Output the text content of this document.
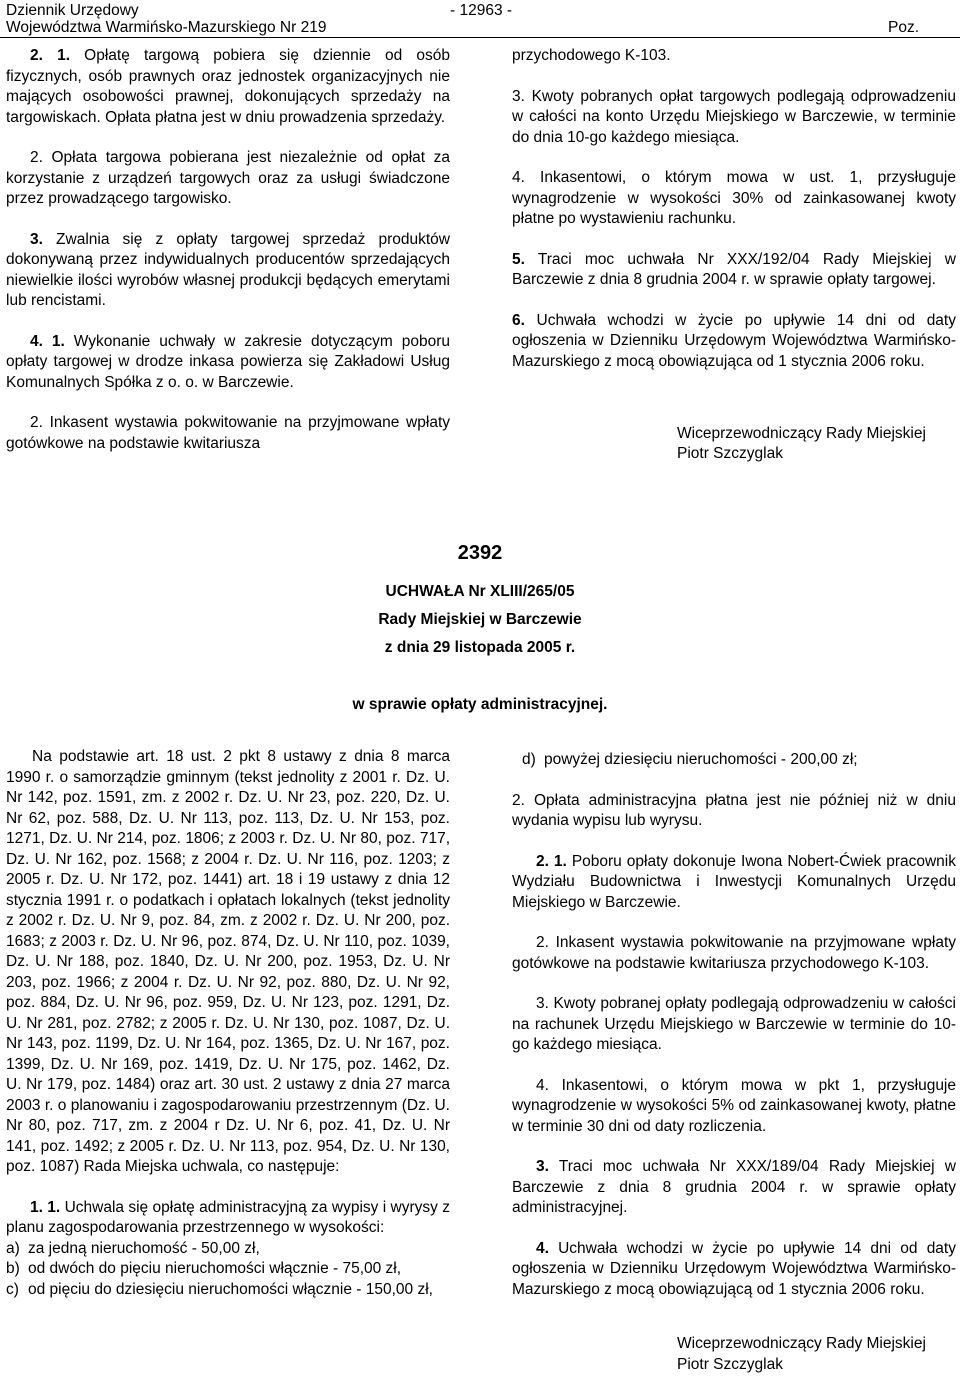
Dziennik Urzędowy
Województwa Warmińsko-Mazurskiego Nr 219
- 12963 -
Poz.

2. 1. Opłatę targową pobiera się dziennie od osób fizycznych, osób prawnych oraz jednostek organizacyjnych nie mających osobowości prawnej, dokonujących sprzedaży na targowiskach. Opłata płatna jest w dniu prowadzenia sprzedaży.

2. Opłata targowa pobierana jest niezależnie od opłat za korzystanie z urządzeń targowych oraz za usługi świadczone przez prowadzącego targowisko.

3. Zwalnia się z opłaty targowej sprzedaż produktów dokonywaną przez indywidualnych producentów sprzedających niewielkie ilości wyrobów własnej produkcji będących emerytami lub rencistami.

4. 1. Wykonanie uchwały w zakresie dotyczącym poboru opłaty targowej w drodze inkasa powierza się Zakładowi Usług Komunalnych Spółka z o. o. w Barczewie.

2. Inkasent wystawia pokwitowanie na przyjmowane wpłaty gotówkowe na podstawie kwitariusza

przychodowego K-103.

3. Kwoty pobranych opłat targowych podlegają odprowadzeniu w całości na konto Urzędu Miejskiego w Barczewie, w terminie do dnia 10-go każdego miesiąca.

4. Inkasentowi, o którym mowa w ust. 1, przysługuje wynagrodzenie w wysokości 30% od zainkasowanej kwoty płatne po wystawieniu rachunku.

5. Traci moc uchwała Nr XXX/192/04 Rady Miejskiej w Barczewie z dnia 8 grudnia 2004 r. w sprawie opłaty targowej.

6. Uchwała wchodzi w życie po upływie 14 dni od daty ogłoszenia w Dzienniku Urzędowym Województwa Warmińsko-Mazurskiego z mocą obowiązująca od 1 stycznia 2006 roku.

Wiceprzewodniczący Rady Miejskiej
Piotr Szczyglak
2392
UCHWAŁA Nr XLIII/265/05
Rady Miejskiej w Barczewie
z dnia 29 listopada 2005 r.
w sprawie opłaty administracyjnej.

Na podstawie art. 18 ust. 2 pkt 8 ustawy z dnia 8 marca 1990 r. o samorządzie gminnym (tekst jednolity z 2001 r. Dz. U. Nr 142, poz. 1591, zm. z 2002 r. Dz. U. Nr 23, poz. 220, Dz. U. Nr 62, poz. 588, Dz. U. Nr 113, poz. 113, Dz. U. Nr 153, poz. 1271, Dz. U. Nr 214, poz. 1806; z 2003 r. Dz. U. Nr 80, poz. 717, Dz. U. Nr 162, poz. 1568; z 2004 r. Dz. U. Nr 116, poz. 1203; z 2005 r. Dz. U. Nr 172, poz. 1441) art. 18 i 19 ustawy z dnia 12 stycznia 1991 r. o podatkach i opłatach lokalnych (tekst jednolity z 2002 r. Dz. U. Nr 9, poz. 84, zm. z 2002 r. Dz. U. Nr 200, poz. 1683; z 2003 r. Dz. U. Nr 96, poz. 874, Dz. U. Nr 110, poz. 1039, Dz. U. Nr 188, poz. 1840, Dz. U. Nr 200, poz. 1953, Dz. U. Nr 203, poz. 1966; z 2004 r. Dz. U. Nr 92, poz. 880, Dz. U. Nr 92, poz. 884, Dz. U. Nr 96, poz. 959, Dz. U. Nr 123, poz. 1291, Dz. U. Nr 281, poz. 2782; z 2005 r. Dz. U. Nr 130, poz. 1087, Dz. U. Nr 143, poz. 1199, Dz. U. Nr 164, poz. 1365, Dz. U. Nr 167, poz. 1399, Dz. U. Nr 169, poz. 1419, Dz. U. Nr 175, poz. 1462, Dz. U. Nr 179, poz. 1484) oraz art. 30 ust. 2 ustawy z dnia 27 marca 2003 r. o planowaniu i zagospodarowaniu przestrzennym (Dz. U. Nr 80, poz. 717, zm. z 2004 r Dz. U. Nr 6, poz. 41, Dz. U. Nr 141, poz. 1492; z 2005 r. Dz. U. Nr 113, poz. 954, Dz. U. Nr 130, poz. 1087) Rada Miejska uchwala, co następuje:

1. 1. Uchwala się opłatę administracyjną za wypisy i wyrysy z planu zagospodarowania przestrzennego w wysokości:

a) za jedną nieruchomość - 50,00 zł,
b) od dwóch do pięciu nieruchomości włącznie - 75,00 zł,
c) od pięciu do dziesięciu nieruchomości włącznie - 150,00 zł,
d) powyżej dziesięciu nieruchomości - 200,00 zł;

2. Opłata administracyjna płatna jest nie później niż w dniu wydania wypisu lub wyrysu.

2. 1. Poboru opłaty dokonuje Iwona Nobert-Ćwiek pracownik Wydziału Budownictwa i Inwestycji Komunalnych Urzędu Miejskiego w Barczewie.

2. Inkasent wystawia pokwitowanie na przyjmowane wpłaty gotówkowe na podstawie kwitariusza przychodowego K-103.

3. Kwoty pobranej opłaty podlegają odprowadzeniu w całości na rachunek Urzędu Miejskiego w Barczewie w terminie do 10-go każdego miesiąca.

4. Inkasentowi, o którym mowa w pkt 1, przysługuje wynagrodzenie w wysokości 5% od zainkasowanej kwoty, płatne w terminie 30 dni od daty rozliczenia.

3. Traci moc uchwała Nr XXX/189/04 Rady Miejskiej w Barczewie z dnia 8 grudnia 2004 r. w sprawie opłaty administracyjnej.

4. Uchwała wchodzi w życie po upływie 14 dni od daty ogłoszenia w Dzienniku Urzędowym Województwa Warmińsko-Mazurskiego z mocą obowiązującą od 1 stycznia 2006 roku.

Wiceprzewodniczący Rady Miejskiej
Piotr Szczyglak
